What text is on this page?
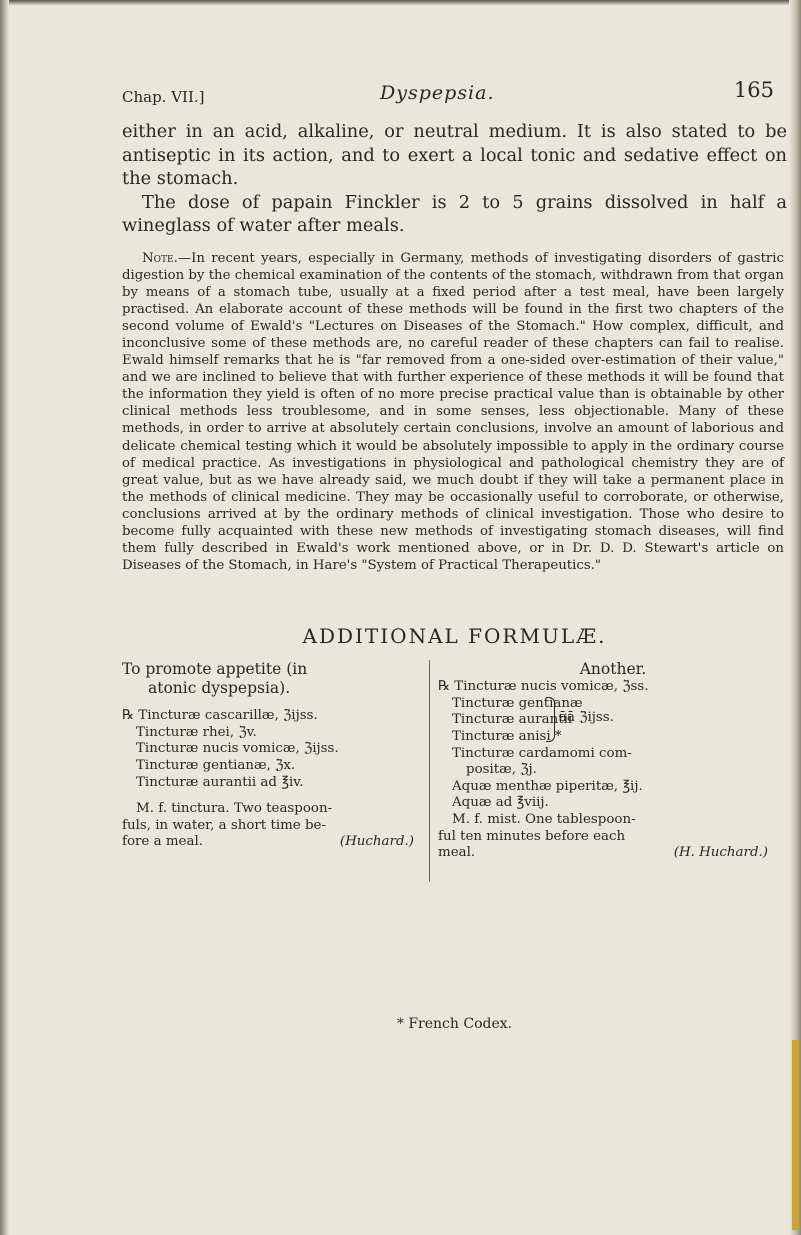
Chap. VII.]	Dyspepsia.	165

either in an acid, alkaline, or neutral medium. It is also stated to be antiseptic in its action, and to exert a local tonic and sedative effect on the stomach.

The dose of papain Finckler is 2 to 5 grains dissolved in half a wineglass of water after meals.

Note.—In recent years, especially in Germany, methods of investigating disorders of gastric digestion by the chemical examination of the contents of the stomach, withdrawn from that organ by means of a stomach tube, usually at a fixed period after a test meal, have been largely practised. An elaborate account of these methods will be found in the first two chapters of the second volume of Ewald's "Lectures on Diseases of the Stomach." How complex, difficult, and inconclusive some of these methods are, no careful reader of these chapters can fail to realise. Ewald himself remarks that he is "far removed from a one-sided over-estimation of their value," and we are inclined to believe that with further experience of these methods it will be found that the information they yield is often of no more precise practical value than is obtainable by other clinical methods less troublesome, and in some senses, less objectionable. Many of these methods, in order to arrive at absolutely certain conclusions, involve an amount of laborious and delicate chemical testing which it would be absolutely impossible to apply in the ordinary course of medical practice. As investigations in physiological and pathological chemistry they are of great value, but as we have already said, we much doubt if they will take a permanent place in the methods of clinical medicine. They may be occasionally useful to corroborate, or otherwise, conclusions arrived at by the ordinary methods of clinical investigation. Those who desire to become fully acquainted with these new methods of investigating stomach diseases, will find them fully described in Ewald's work mentioned above, or in Dr. D. D. Stewart's article on Diseases of the Stomach, in Hare's "System of Practical Therapeutics."

ADDITIONAL FORMULÆ.
To promote appetite (in
atonic dyspepsia).
℞ Tincturæ cascarillæ, ℨijss.
Tincturæ rhei, ℨv.
Tincturæ nucis vomicæ, ℨijss.
Tincturæ gentianæ, ℨx.
Tincturæ aurantii ad ℥iv.
M. f. tinctura. Two teaspoon-
fuls, in water, a short time be-
fore a meal.	(Huchard.)
Another.
℞ Tincturæ nucis vomicæ, ℨss.
Tincturæ gentianæ
Tincturæ aurantii
Tincturæ anisi *
āā ℨijss.
Tincturæ cardamomi com-
positæ, ℨj.
Aquæ menthæ piperitæ, ℥ij.
Aquæ ad ℥viij.
M. f. mist. One tablespoon-
ful ten minutes before each
meal.	(H. Huchard.)
* French Codex.
